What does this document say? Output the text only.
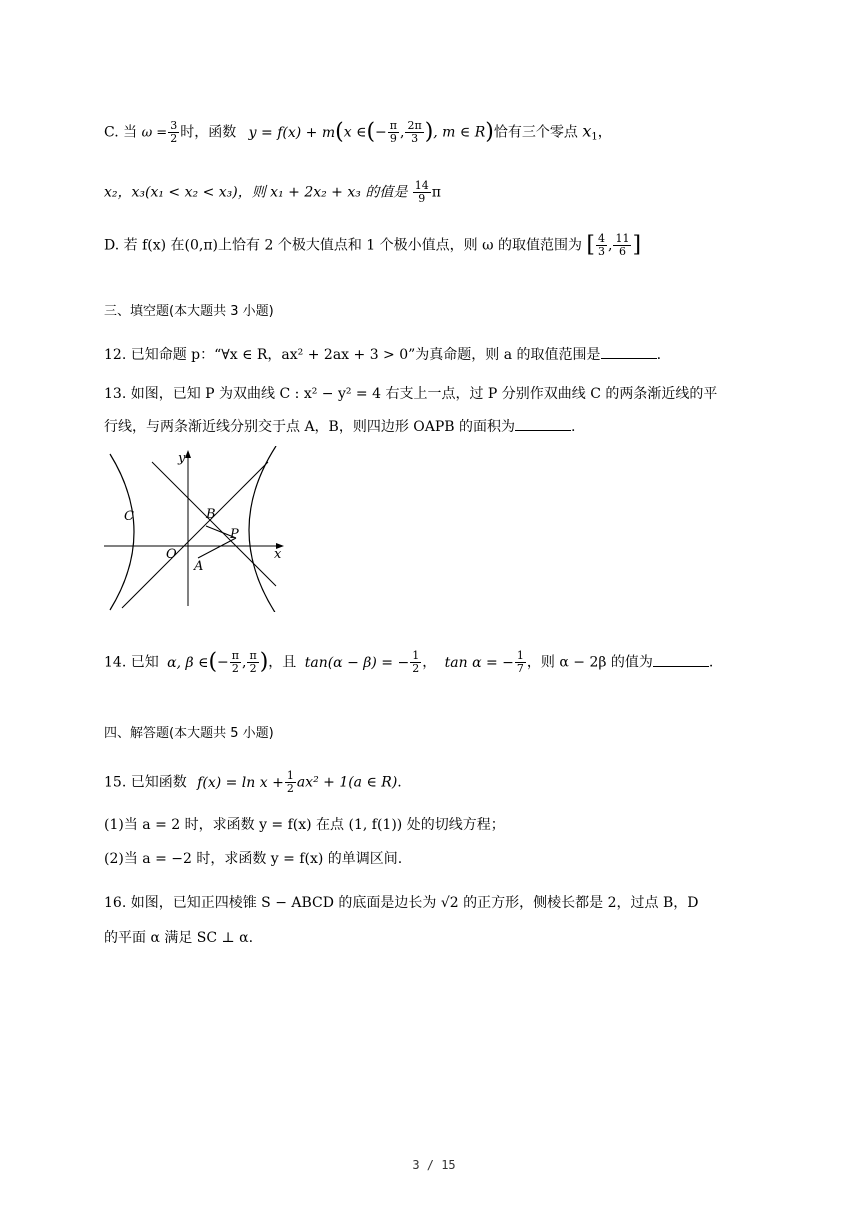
C. 当 $\omega = \frac{3}{2}$ 时，函数 y = f(x) + m(x ∈(− $\frac{\pi}{9}$ , $\frac{2\pi}{3}$ ), m ∈ R)恰有三个零点 $x_1$，
x₂，x₃(x₁ < x₂ < x₃)，则 x₁ + 2x₂ + x₃ 的值是 $\frac{14}{9}$ π
D. 若 f(x) 在(0,π)上恰有 2 个极大值点和 1 个极小值点，则 ω 的取值范围为 [ $\frac{4}{3}$ , $\frac{11}{6}$ ]
三、填空题(本大题共 3 小题)
12. 已知命题 p：“∀x ∈ R，ax² + 2ax + 3 > 0”为真命题，则 a 的取值范围是	.
13. 如图，已知 P 为双曲线 C : x² − y² = 4 右支上一点，过 P 分别作双曲线 C 的两条渐近线的平
行线，与两条渐近线分别交于点 A，B，则四边形 OAPB 的面积为	.
y
x
C	B
P
O
A
14. 已知 α, β ∈(− $\frac{\pi}{2}$ , $\frac{\pi}{2}$ )，且 tan(α − β) = − $\frac{1}{2}$ ， tan α = − $\frac{1}{7}$ ，则 α − 2β 的值为	.
四、解答题(本大题共 5 小题)
15. 已知函数 $f(x) = \ln x + \frac{1}{2} ax^2 + 1(a$ ∈ R).
(1)当 a = 2 时，求函数 y = f(x) 在点 (1, f(1)) 处的切线方程；
(2)当 a = −2 时，求函数 y = f(x) 的单调区间.
16. 如图，已知正四棱锥 S − ABCD 的底面是边长为 √2 的正方形，侧棱长都是 2，过点 B，D
的平面 α 满足 SC ⊥ α.
3 / 15
